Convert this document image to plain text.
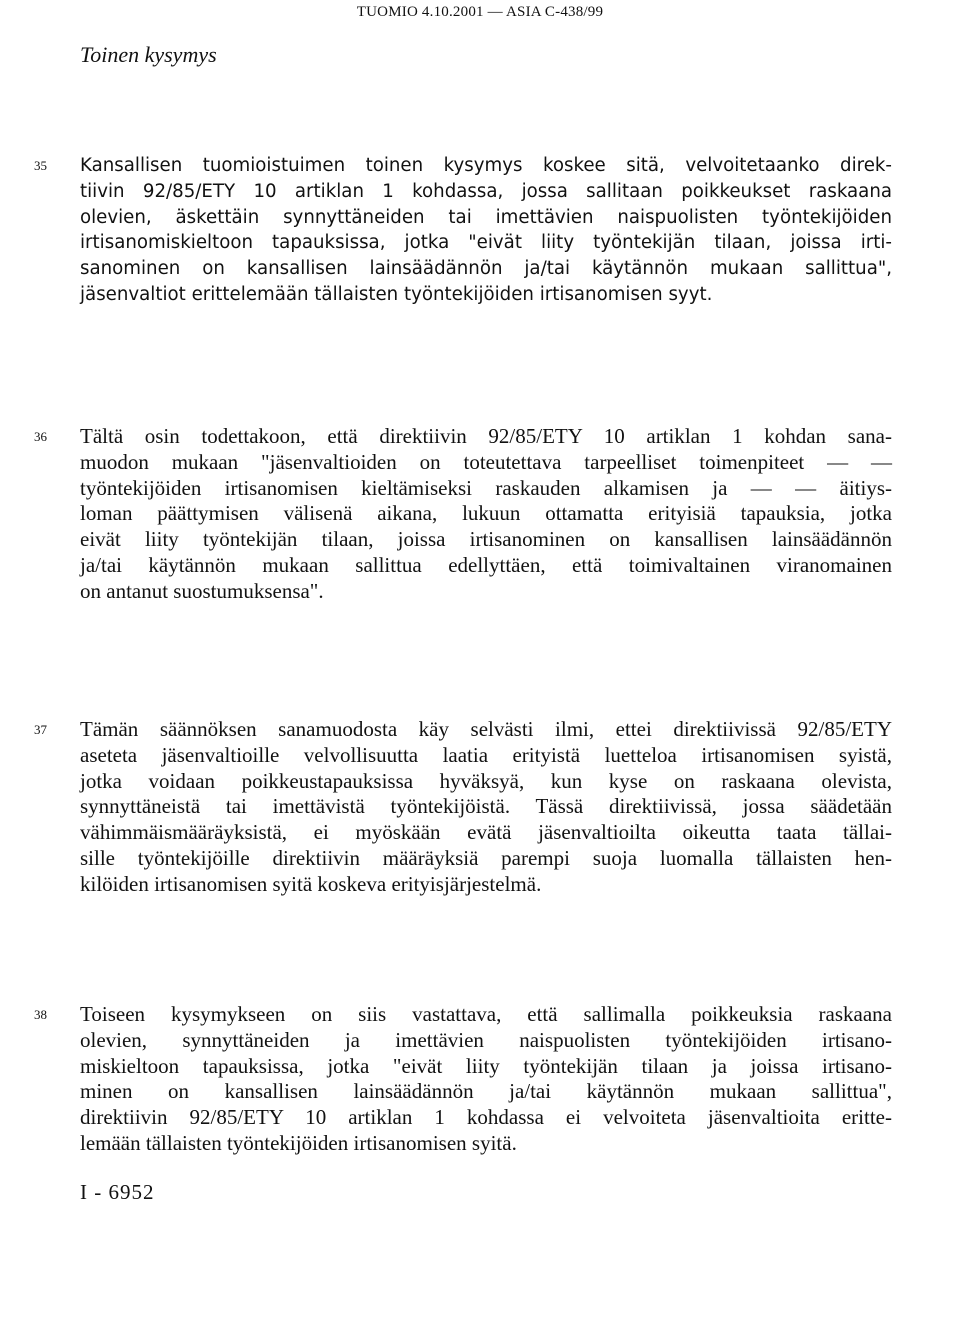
TUOMIO 4.10.2001 — ASIA C-438/99
Toinen kysymys
35	Kansallisen tuomioistuimen toinen kysymys koskee sitä, velvoitetaanko direk-
tiivin 92/85/ETY 10 artiklan 1 kohdassa, jossa sallitaan poikkeukset raskaana
olevien, äskettäin synnyttäneiden tai imettävien naispuolisten työntekijöiden
irtisanomiskieltoon tapauksissa, jotka "eivät liity työntekijän tilaan, joissa irti-
sanominen on kansallisen lainsäädännön ja/tai käytännön mukaan sallittua",
jäsenvaltiot erittelemään tällaisten työntekijöiden irtisanomisen syyt.
36	Tältä osin todettakoon, että direktiivin 92/85/ETY 10 artiklan 1 kohdan sana-
muodon mukaan "jäsenvaltioiden on toteutettava tarpeelliset toimenpiteet — —
työntekijöiden irtisanomisen kieltämiseksi raskauden alkamisen ja — — äitiys-
loman päättymisen välisenä aikana, lukuun ottamatta erityisiä tapauksia, jotka
eivät liity työntekijän tilaan, joissa irtisanominen on kansallisen lainsäädännön
ja/tai käytännön mukaan sallittua edellyttäen, että toimivaltainen viranomainen
on antanut suostumuksensa".
37	Tämän säännöksen sanamuodosta käy selvästi ilmi, ettei direktiivissä 92/85/ETY
aseteta jäsenvaltioille velvollisuutta laatia erityistä luetteloa irtisanomisen syistä,
jotka voidaan poikkeustapauksissa hyväksyä, kun kyse on raskaana olevista,
synnyttäneistä tai imettävistä työntekijöistä. Tässä direktiivissä, jossa säädetään
vähimmäismääräyksistä, ei myöskään evätä jäsenvaltioilta oikeutta taata tällai-
sille työntekijöille direktiivin määräyksiä parempi suoja luomalla tällaisten hen-
kilöiden irtisanomisen syitä koskeva erityisjärjestelmä.
38	Toiseen kysymykseen on siis vastattava, että sallimalla poikkeuksia raskaana
olevien, synnyttäneiden ja imettävien naispuolisten työntekijöiden irtisano-
miskieltoon tapauksissa, jotka "eivät liity työntekijän tilaan ja joissa irtisano-
minen on kansallisen lainsäädännön ja/tai käytännön mukaan sallittua",
direktiivin 92/85/ETY 10 artiklan 1 kohdassa ei velvoiteta jäsenvaltioita eritte-
lemään tällaisten työntekijöiden irtisanomisen syitä.
I - 6952
